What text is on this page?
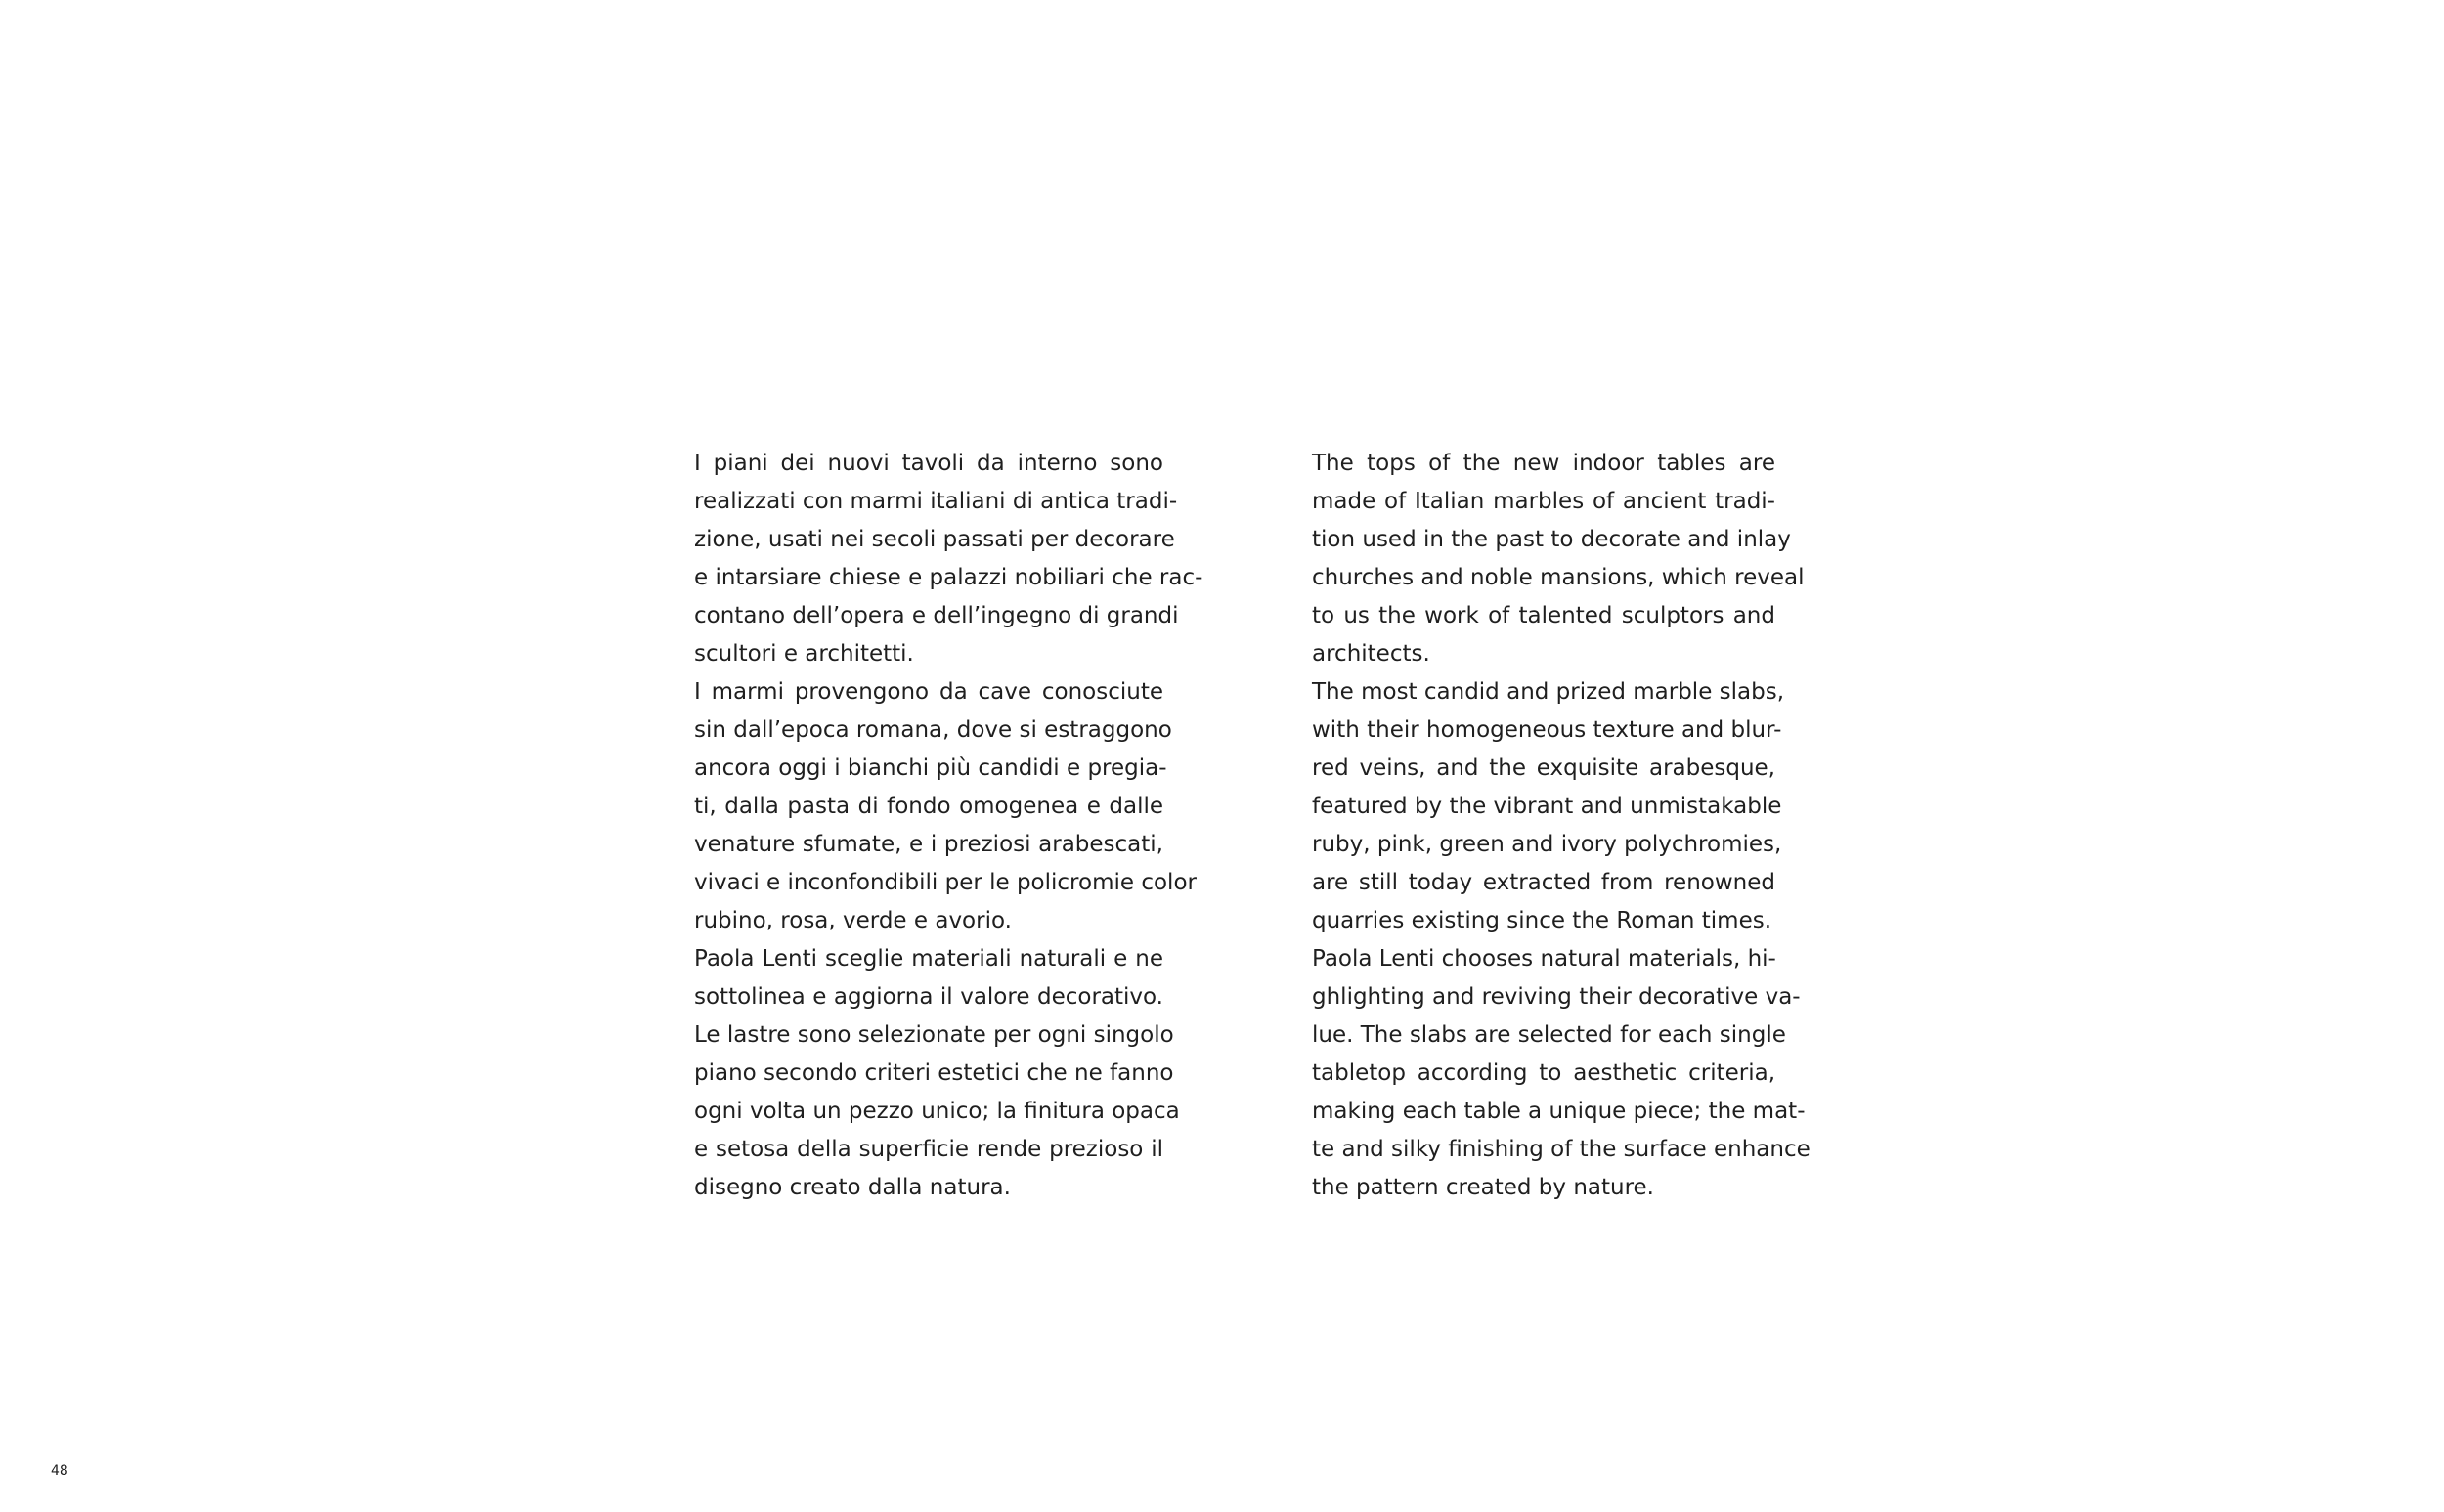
I piani dei nuovi tavoli da interno sono
realizzati con marmi italiani di antica tradi-
zione, usati nei secoli passati per decorare
e intarsiare chiese e palazzi nobiliari che rac-
contano dell’opera e dell’ingegno di grandi
scultori e architetti.
I marmi provengono da cave conosciute
sin dall’epoca romana, dove si estraggono
ancora oggi i bianchi più candidi e pregia-
ti, dalla pasta di fondo omogenea e dalle
venature sfumate, e i preziosi arabescati,
vivaci e inconfondibili per le policromie color
rubino, rosa, verde e avorio.
Paola Lenti sceglie materiali naturali e ne
sottolinea e aggiorna il valore decorativo.
Le lastre sono selezionate per ogni singolo
piano secondo criteri estetici che ne fanno
ogni volta un pezzo unico; la finitura opaca
e setosa della superficie rende prezioso il
disegno creato dalla natura.
The tops of the new indoor tables are
made of Italian marbles of ancient tradi-
tion used in the past to decorate and inlay
churches and noble mansions, which reveal
to us the work of talented sculptors and
architects.
The most candid and prized marble slabs,
with their homogeneous texture and blur-
red veins, and the exquisite arabesque,
featured by the vibrant and unmistakable
ruby, pink, green and ivory polychromies,
are still today extracted from renowned
quarries existing since the Roman times.
Paola Lenti chooses natural materials, hi-
ghlighting and reviving their decorative va-
lue. The slabs are selected for each single
tabletop according to aesthetic criteria,
making each table a unique piece; the mat-
te and silky finishing of the surface enhance
the pattern created by nature.
48
